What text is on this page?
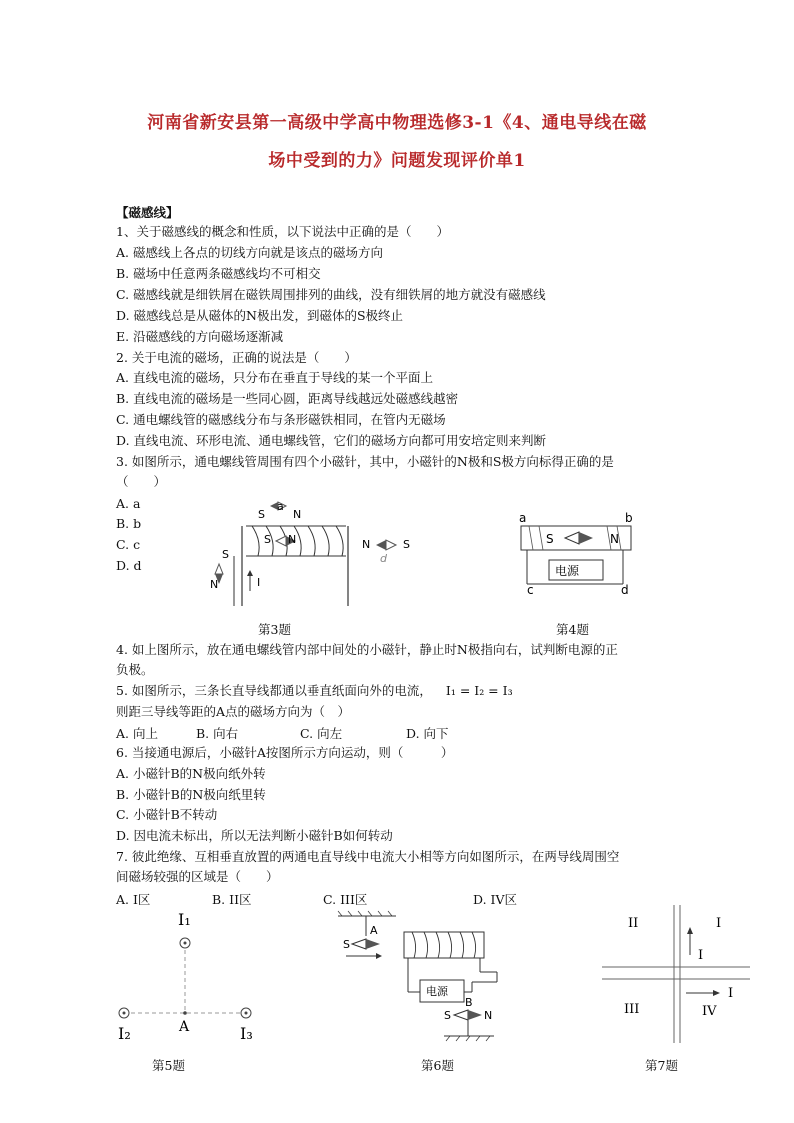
河南省新安县第一高级中学高中物理选修3-1《4、通电导线在磁
场中受到的力》问题发现评价单1
【磁感线】
1、关于磁感线的概念和性质，以下说法中正确的是（　　）
A. 磁感线上各点的切线方向就是该点的磁场方向
B. 磁场中任意两条磁感线均不可相交
C. 磁感线就是细铁屑在磁铁周围排列的曲线，没有细铁屑的地方就没有磁感线
D. 磁感线总是从磁体的N极出发，到磁体的S极终止
E. 沿磁感线的方向磁场逐渐减
2. 关于电流的磁场，正确的说法是（　　）
A. 直线电流的磁场，只分布在垂直于导线的某一个平面上
B. 直线电流的磁场是一些同心圆，距离导线越远处磁感线越密
C. 通电螺线管的磁感线分布与条形磁铁相同，在管内无磁场
D. 直线电流、环形电流、通电螺线管，它们的磁场方向都可用安培定则来判断
3. 如图所示，通电螺线管周围有四个小磁针，其中，小磁针的N极和S极方向标得正确的是
（　　）
A. a
B. b
C. c
D. d
S
a
N
S N	N	S
d
S
N	I
a	b
c	d
S	N
电源
第3题	第4题
4. 如上图所示，放在通电螺线管内部中间处的小磁针，静止时N极指向右，试判断电源的正
负极。
5. 如图所示，三条长直导线都通以垂直纸面向外的电流， I₁ = I₂ = I₃
则距三导线等距的A点的磁场方向为（　）
A. 向上	B. 向右	C. 向左	D. 向下
6. 当接通电源后，小磁针A按图所示方向运动，则（　　　）
A. 小磁针B的N极向纸外转
B. 小磁针B的N极向纸里转
C. 小磁针B不转动
D. 因电流未标出，所以无法判断小磁针B如何转动
7. 彼此绝缘、互相垂直放置的两通电直导线中电流大小相等方向如图所示，在两导线周围空
间磁场较强的区域是（　　）
A. I区	B. II区	C. III区	D. IV区
I₁
I₂	I₃
A
A
S
电源
B
S	N
II	I
I
I
III	IV
第5题	第6题	第7题
